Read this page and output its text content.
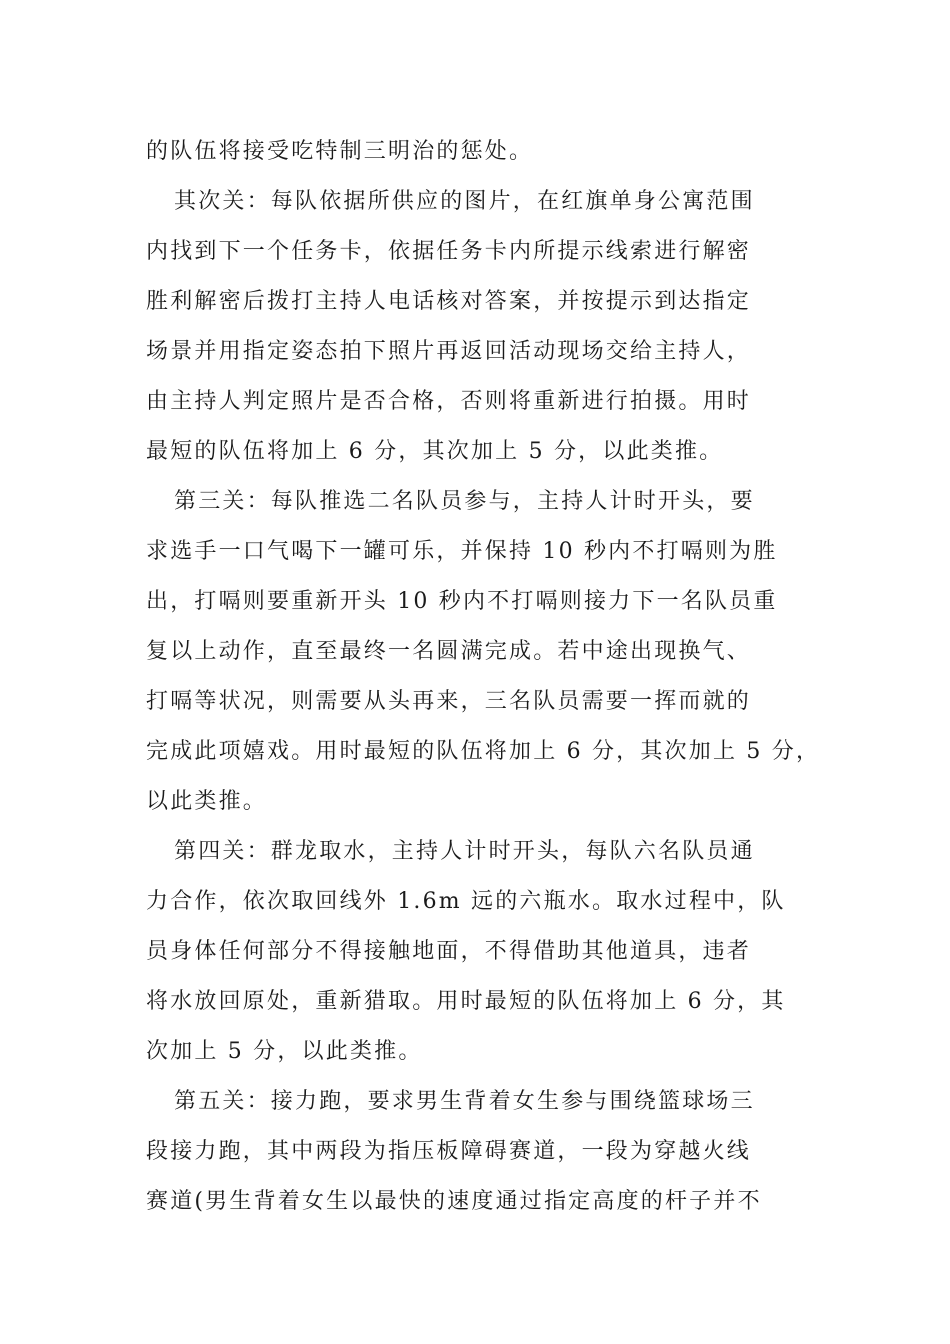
的队伍将接受吃特制三明治的惩处。
其次关：每队依据所供应的图片，在红旗单身公寓范围
内找到下一个任务卡，依据任务卡内所提示线索进行解密
胜利解密后拨打主持人电话核对答案，并按提示到达指定
场景并用指定姿态拍下照片再返回活动现场交给主持人，
由主持人判定照片是否合格，否则将重新进行拍摄。用时
最短的队伍将加上 6 分，其次加上 5 分，以此类推。
第三关：每队推选二名队员参与，主持人计时开头，要
求选手一口气喝下一罐可乐，并保持 10 秒内不打嗝则为胜
出，打嗝则要重新开头 10 秒内不打嗝则接力下一名队员重
复以上动作，直至最终一名圆满完成。若中途出现换气、
打嗝等状况，则需要从头再来，三名队员需要一挥而就的
完成此项嬉戏。用时最短的队伍将加上 6 分，其次加上 5 分，
以此类推。
第四关：群龙取水，主持人计时开头，每队六名队员通
力合作，依次取回线外 1.6m 远的六瓶水。取水过程中，队
员身体任何部分不得接触地面，不得借助其他道具，违者
将水放回原处，重新猎取。用时最短的队伍将加上 6 分，其
次加上 5 分，以此类推。
第五关：接力跑，要求男生背着女生参与围绕篮球场三
段接力跑，其中两段为指压板障碍赛道，一段为穿越火线
赛道(男生背着女生以最快的速度通过指定高度的杆子并不
